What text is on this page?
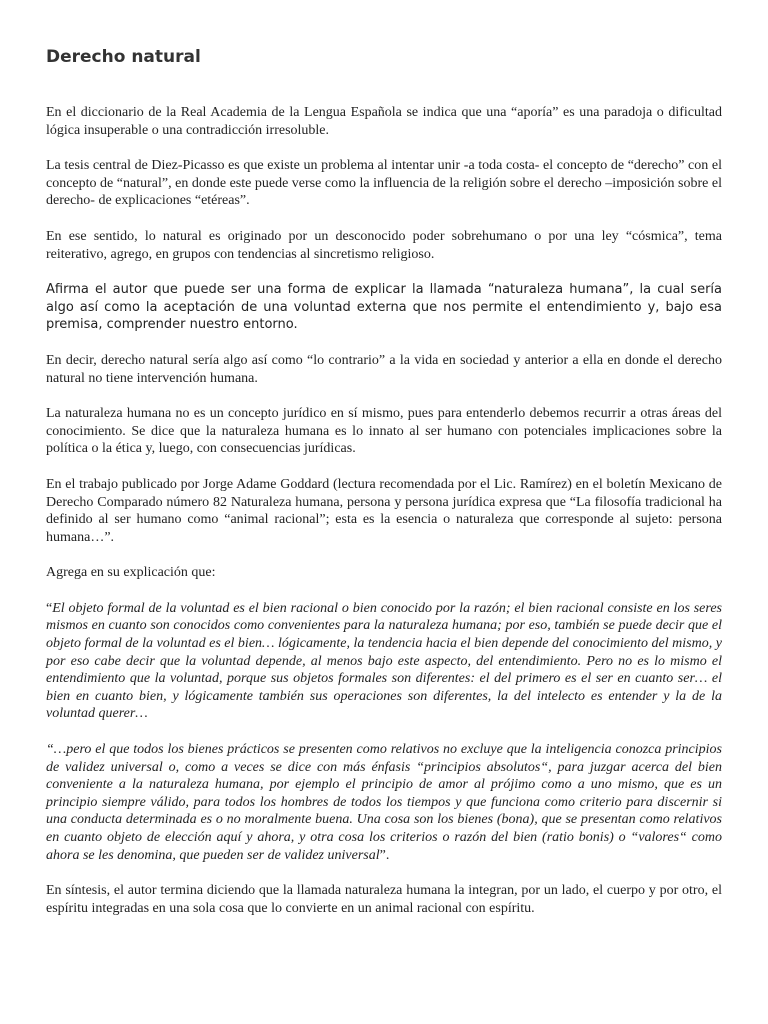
Derecho natural

En el diccionario de la Real Academia de la Lengua Española se indica que una “aporía” es una paradoja o dificultad lógica insuperable o una contradicción irresoluble.

La tesis central de Diez-Picasso es que existe un problema al intentar unir -a toda costa- el concepto de “derecho” con el concepto de “natural”, en donde este puede verse como la influencia de la religión sobre el derecho –imposición sobre el derecho- de explicaciones “etéreas”.

En ese sentido, lo natural es originado por un desconocido poder sobrehumano o por una ley “cósmica”, tema reiterativo, agrego, en grupos con tendencias al sincretismo religioso.

Afirma el autor que puede ser una forma de explicar la llamada “naturaleza humana”, la cual sería algo así como la aceptación de una voluntad externa que nos permite el entendimiento y, bajo esa premisa, comprender nuestro entorno.

En decir, derecho natural sería algo así como “lo contrario” a la vida en sociedad y anterior a ella en donde el derecho natural no tiene intervención humana.

La naturaleza humana no es un concepto jurídico en sí mismo, pues para entenderlo debemos recurrir a otras áreas del conocimiento. Se dice que la naturaleza humana es lo innato al ser humano con potenciales implicaciones sobre la política o la ética y, luego, con consecuencias jurídicas.

En el trabajo publicado por Jorge Adame Goddard (lectura recomendada por el Lic. Ramírez) en el boletín Mexicano de Derecho Comparado número 82 Naturaleza humana, persona y persona jurídica expresa que “La filosofía tradicional ha definido al ser humano como “animal racional”; esta es la esencia o naturaleza que corresponde al sujeto: persona humana…”.

Agrega en su explicación que:

“El objeto formal de la voluntad es el bien racional o bien conocido por la razón; el bien racional consiste en los seres mismos en cuanto son conocidos como convenientes para la naturaleza humana; por eso, también se puede decir que el objeto formal de la voluntad es el bien… lógicamente, la tendencia hacia el bien depende del conocimiento del mismo, y por eso cabe decir que la voluntad depende, al menos bajo este aspecto, del entendimiento. Pero no es lo mismo el entendimiento que la voluntad, porque sus objetos formales son diferentes: el del primero es el ser en cuanto ser… el bien en cuanto bien, y lógicamente también sus operaciones son diferentes, la del intelecto es entender y la de la voluntad querer…

“…pero el que todos los bienes prácticos se presenten como relativos no excluye que la inteligencia conozca principios de validez universal o, como a veces se dice con más énfasis “principios absolutos“, para juzgar acerca del bien conveniente a la naturaleza humana, por ejemplo el principio de amor al prójimo como a uno mismo, que es un principio siempre válido, para todos los hombres de todos los tiempos y que funciona como criterio para discernir si una conducta determinada es o no moralmente buena. Una cosa son los bienes (bona), que se presentan como relativos en cuanto objeto de elección aquí y ahora, y otra cosa los criterios o razón del bien (ratio bonis) o “valores“ como ahora se les denomina, que pueden ser de validez universal”.

En síntesis, el autor termina diciendo que la llamada naturaleza humana la integran, por un lado, el cuerpo y por otro, el espíritu integradas en una sola cosa que lo convierte en un animal racional con espíritu.
